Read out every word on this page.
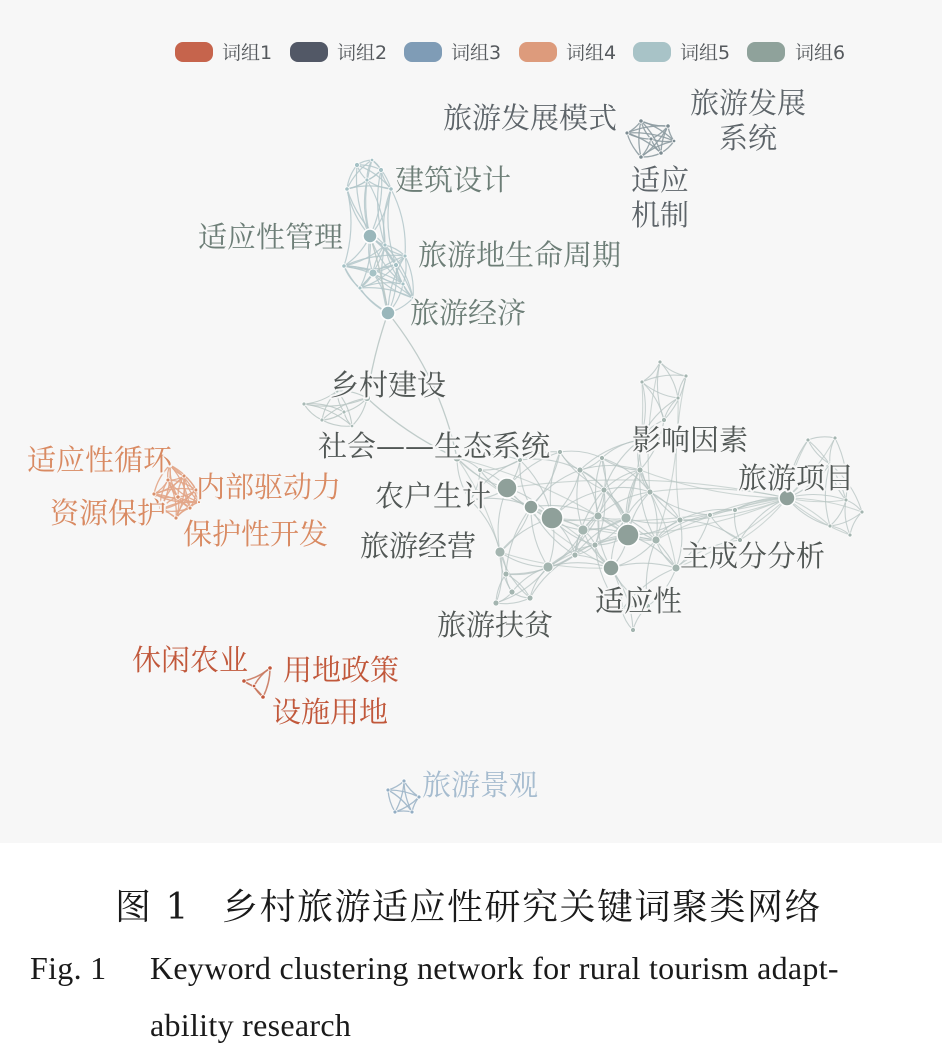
词组1	词组2	词组3	词组4	词组5	词组6
旅游发展模式	旅游发展
系统
适应
机制
建筑设计
适应性管理
旅游地生命周期
旅游经济
乡村建设
社会——生态系统	影响因素
旅游项目
农户生计
旅游经营	主成分分析
适应性
旅游扶贫
适应性循环
内部驱动力
资源保护
保护性开发
休闲农业 用地政策
设施用地
旅游景观
图 1 乡村旅游适应性研究关键词聚类网络
Fig. 1 Keyword clustering network for rural tourism adapt-
ability research
